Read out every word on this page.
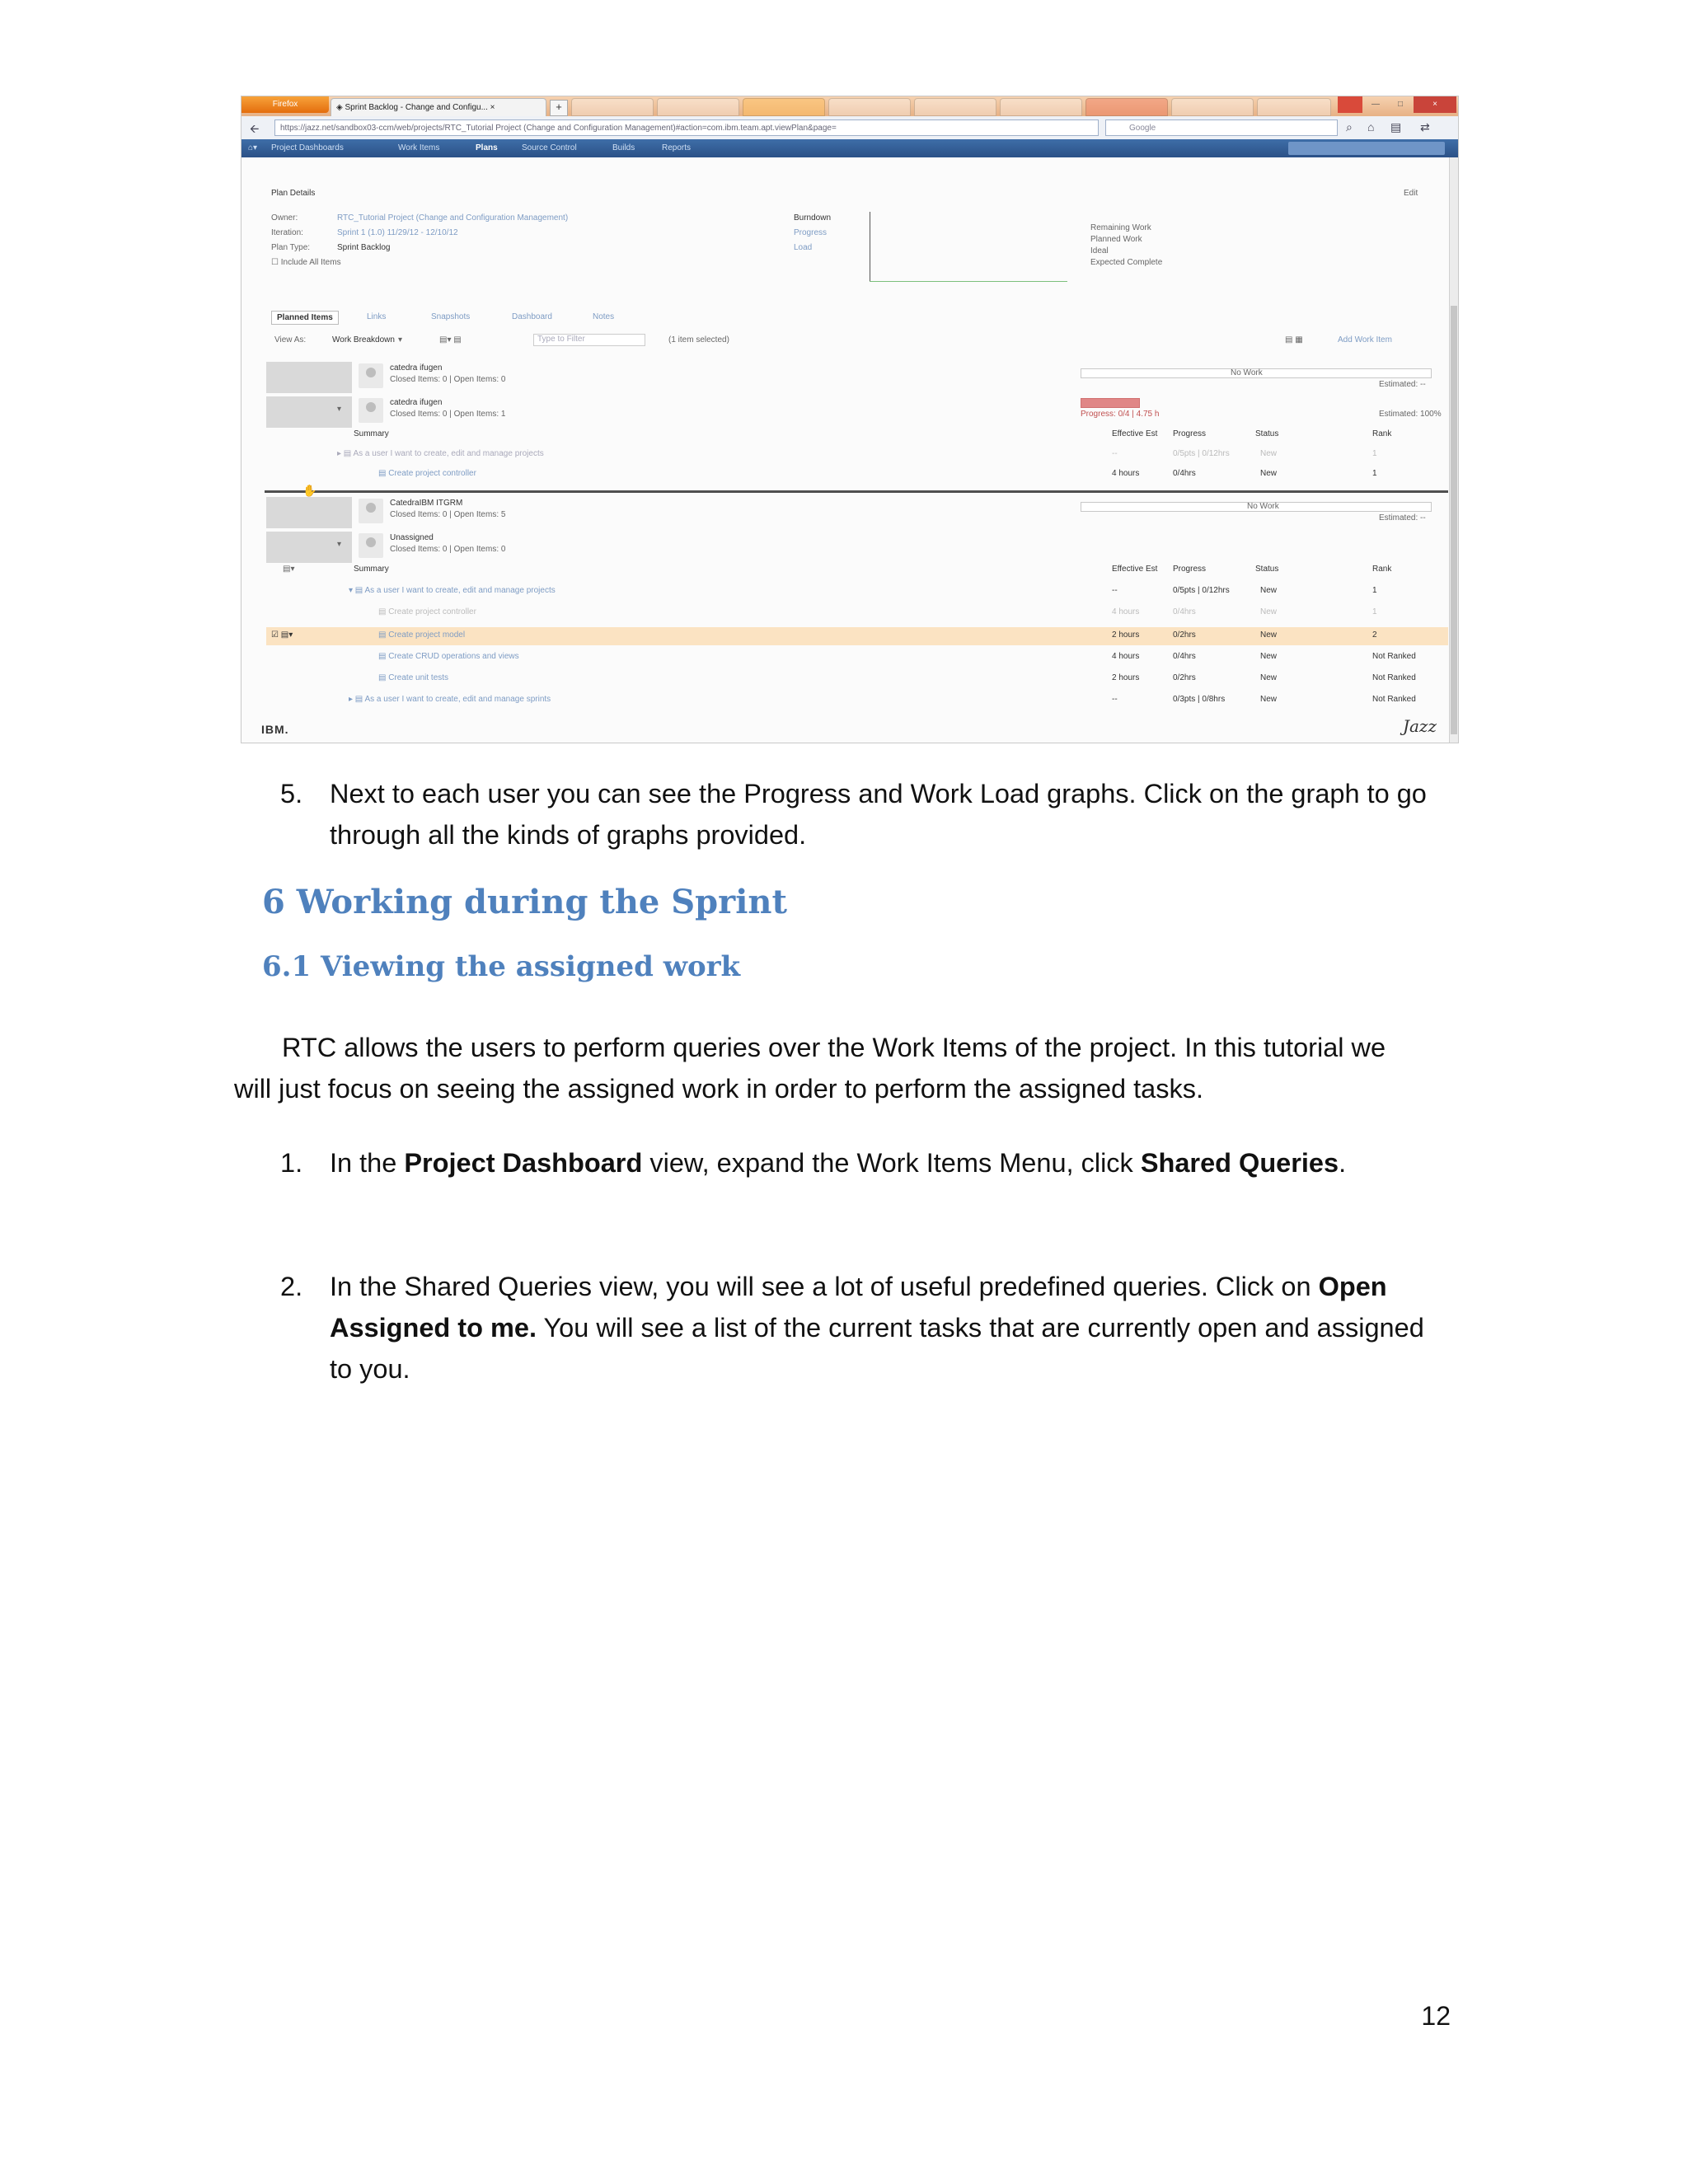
Firefox	◈ Sprint Backlog - Change and Configu... ×	+	—	□	×
🡨	https://jazz.net/sandbox03-ccm/web/projects/RTC_Tutorial Project (Change and Configuration Management)#action=com.ibm.team.apt.viewPlan&page=	Google	⌕ ⌂ ▤ ⇄
⌂▾ Project Dashboards	Work Items	Plans	Source Control	Builds	Reports
Plan Details	Edit
Owner:	RTC_Tutorial Project (Change and Configuration Management)
Iteration:	Sprint 1 (1.0) 11/29/12 - 12/10/12
Plan Type:	Sprint Backlog
☐ Include All Items
Burndown
Progress
Load
Remaining Work
Planned Work
Ideal
Expected Complete
Planned Items	Links	Snapshots	Dashboard	Notes
View As:	Work Breakdown ▾	▤▾ ▤	Type to Filter	(1 item selected)	▤ ▦	Add Work Item
catedra ifugen
Closed Items: 0 | Open Items: 0
No Work
Estimated: --
▾
catedra ifugen
Closed Items: 0 | Open Items: 1	Progress: 0/4 | 4.75 h	Estimated: 100%
Summary	Effective Est Progress	Status	Rank
▸ ▤ As a user I want to create, edit and manage projects	--	0/5pts | 0/12hrs	New	1
▤ Create project controller	4 hours	0/4hrs	New	1
✋
CatedraIBM ITGRM
Closed Items: 0 | Open Items: 5
No Work
Estimated: --
▾
Unassigned
Closed Items: 0 | Open Items: 0
▤▾	Summary	Effective Est Progress	Status	Rank
☑ ▤▾
▾ ▤ As a user I want to create, edit and manage projects	--	0/5pts | 0/12hrs	New	1
▤ Create project controller	4 hours	0/4hrs	New	1
▤ Create project model	2 hours	0/2hrs	New	2
▤ Create CRUD operations and views	4 hours	0/4hrs	New	Not Ranked
▤ Create unit tests	2 hours	0/2hrs	New	Not Ranked
▸ ▤ As a user I want to create, edit and manage sprints	--	0/3pts | 0/8hrs	New	Not Ranked
IBM.	Jazz
5. Next to each user you can see the Progress and Work Load graphs. Click on the graph to go
through all the kinds of graphs provided.
6 Working during the Sprint
6.1 Viewing the assigned work
RTC allows the users to perform queries over the Work Items of the project. In this tutorial we
will just focus on seeing the assigned work in order to perform the assigned tasks.
1. In the Project Dashboard view, expand the Work Items Menu, click Shared Queries.
2. In the Shared Queries view, you will see a lot of useful predefined queries. Click on Open
Assigned to me. You will see a list of the current tasks that are currently open and assigned
to you.
12
